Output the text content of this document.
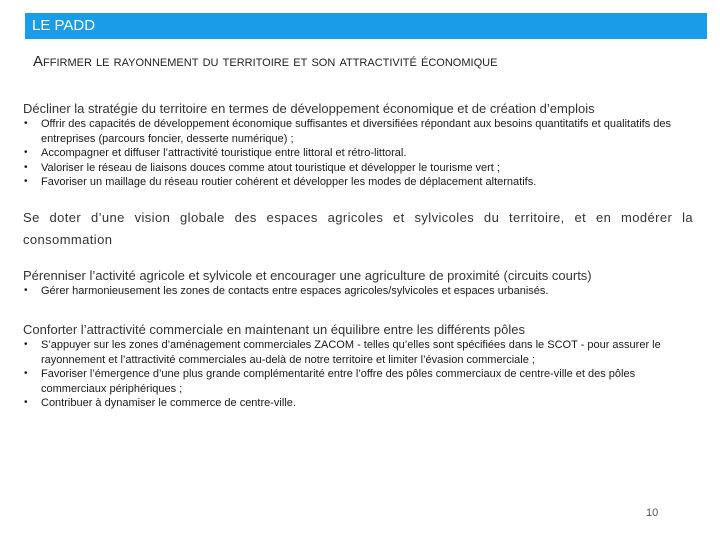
LE PADD
Affirmer le rayonnement du territoire et son attractivité économique

Décliner la stratégie du territoire en termes de développement économique et de création d’emplois

• Offrir des capacités de développement économique suffisantes et diversifiées répondant aux besoins quantitatifs et qualitatifs des entreprises (parcours foncier, desserte numérique) ;
• Accompagner et diffuser l’attractivité touristique entre littoral et rétro-littoral.
• Valoriser le réseau de liaisons douces comme atout touristique et développer le tourisme vert ;
• Favoriser un maillage du réseau routier cohérent et développer les modes de déplacement alternatifs.

Se doter d’une vision globale des espaces agricoles et sylvicoles du territoire, et en modérer la consommation

Pérenniser l’activité agricole et sylvicole et encourager une agriculture de proximité (circuits courts)

• Gérer harmonieusement les zones de contacts entre espaces agricoles/sylvicoles et espaces urbanisés.

Conforter l’attractivité commerciale en maintenant un équilibre entre les différents pôles

• S’appuyer sur les zones d’aménagement commerciales ZACOM - telles qu’elles sont spécifiées dans le SCOT - pour assurer le rayonnement et l’attractivité commerciales au-delà de notre territoire et limiter l’évasion commerciale ;
• Favoriser l’émergence d’une plus grande complémentarité entre l’offre des pôles commerciaux de centre-ville et des pôles commerciaux périphériques ;
• Contribuer à dynamiser le commerce de centre-ville.
10
